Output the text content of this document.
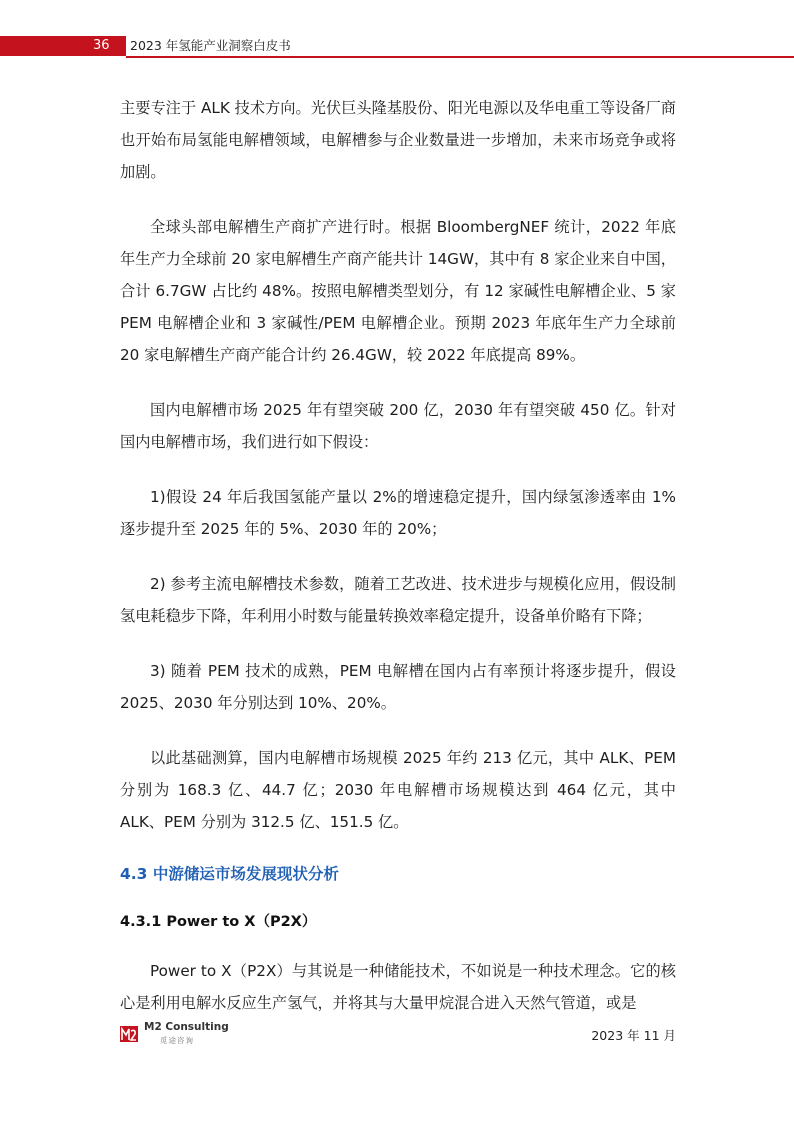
36	2023 年氢能产业洞察白皮书

主要专注于 ALK 技术方向。光伏巨头隆基股份、阳光电源以及华电重工等设备厂商也开始布局氢能电解槽领域，电解槽参与企业数量进一步增加，未来市场竞争或将加剧。

全球头部电解槽生产商扩产进行时。根据 BloombergNEF 统计，2022 年底年生产力全球前 20 家电解槽生产商产能共计 14GW，其中有 8 家企业来自中国，合计 6.7GW 占比约 48%。按照电解槽类型划分，有 12 家碱性电解槽企业、5 家 PEM 电解槽企业和 3 家碱性/PEM 电解槽企业。预期 2023 年底年生产力全球前 20 家电解槽生产商产能合计约 26.4GW，较 2022 年底提高 89%。

国内电解槽市场 2025 年有望突破 200 亿，2030 年有望突破 450 亿。针对国内电解槽市场，我们进行如下假设：

1)假设 24 年后我国氢能产量以 2%的增速稳定提升，国内绿氢渗透率由 1%逐步提升至 2025 年的 5%、2030 年的 20%；

2) 参考主流电解槽技术参数，随着工艺改进、技术进步与规模化应用，假设制氢电耗稳步下降，年利用小时数与能量转换效率稳定提升，设备单价略有下降；

3) 随着 PEM 技术的成熟，PEM 电解槽在国内占有率预计将逐步提升，假设 2025、2030 年分别达到 10%、20%。

以此基础测算，国内电解槽市场规模 2025 年约 213 亿元，其中 ALK、PEM 分别为 168.3 亿、44.7 亿；2030 年电解槽市场规模达到 464 亿元，其中 ALK、PEM 分别为 312.5 亿、151.5 亿。

4.3 中游储运市场发展现状分析
4.3.1 Power to X（P2X）

Power to X（P2X）与其说是一种储能技术，不如说是一种技术理念。它的核心是利用电解水反应生产氢气，并将其与大量甲烷混合进入天然气管道，或是

M2 Consulting
觅途咨询	2023 年 11 月
